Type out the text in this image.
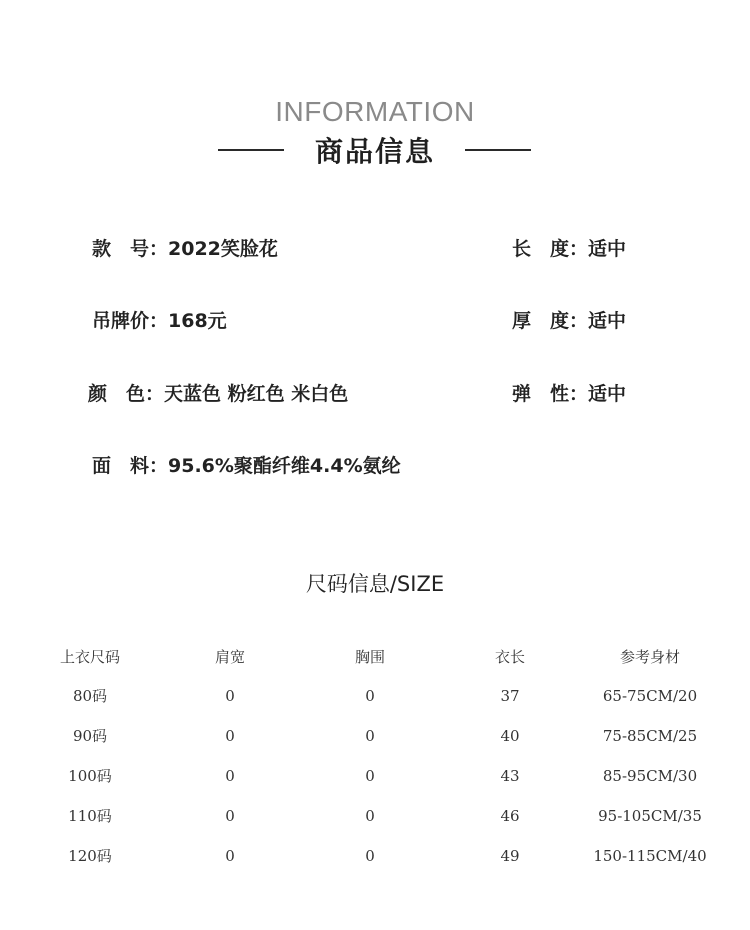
INFORMATION
商品信息
款　号：2022笑脸花	长　度：适中
吊牌价：168元	厚　度：适中
颜　色：天蓝色 粉红色 米白色	弹　性：适中
面　料：95.6%聚酯纤维4.4%氨纶
尺码信息/SIZE
上衣尺码	肩宽	胸围	衣长	参考身材
80码	0	0	37	65-75CM/20
90码	0	0	40	75-85CM/25
100码	0	0	43	85-95CM/30
110码	0	0	46	95-105CM/35
120码	0	0	49	150-115CM/40
